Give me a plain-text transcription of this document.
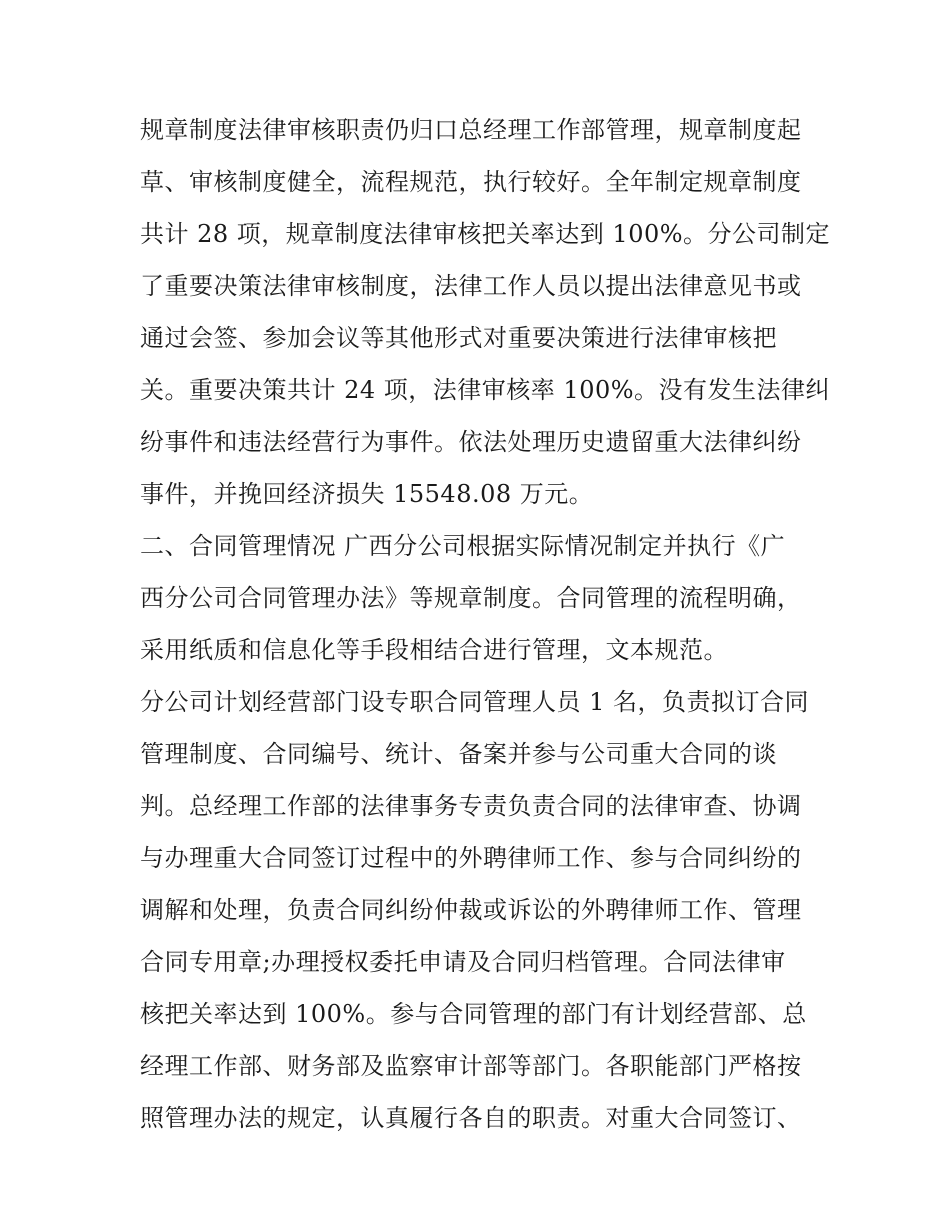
规章制度法律审核职责仍归口总经理工作部管理，规章制度起
草、审核制度健全，流程规范，执行较好。全年制定规章制度
共计 28 项，规章制度法律审核把关率达到 100%。分公司制定
了重要决策法律审核制度，法律工作人员以提出法律意见书或
通过会签、参加会议等其他形式对重要决策进行法律审核把
关。重要决策共计 24 项，法律审核率 100%。没有发生法律纠
纷事件和违法经营行为事件。依法处理历史遗留重大法律纠纷
事件，并挽回经济损失 15548.08 万元。
二、合同管理情况 广西分公司根据实际情况制定并执行《广
西分公司合同管理办法》等规章制度。合同管理的流程明确，
采用纸质和信息化等手段相结合进行管理，文本规范。
分公司计划经营部门设专职合同管理人员 1 名，负责拟订合同
管理制度、合同编号、统计、备案并参与公司重大合同的谈
判。总经理工作部的法律事务专责负责合同的法律审查、协调
与办理重大合同签订过程中的外聘律师工作、参与合同纠纷的
调解和处理，负责合同纠纷仲裁或诉讼的外聘律师工作、管理
合同专用章;办理授权委托申请及合同归档管理。合同法律审
核把关率达到 100%。参与合同管理的部门有计划经营部、总
经理工作部、财务部及监察审计部等部门。各职能部门严格按
照管理办法的规定，认真履行各自的职责。对重大合同签订、
